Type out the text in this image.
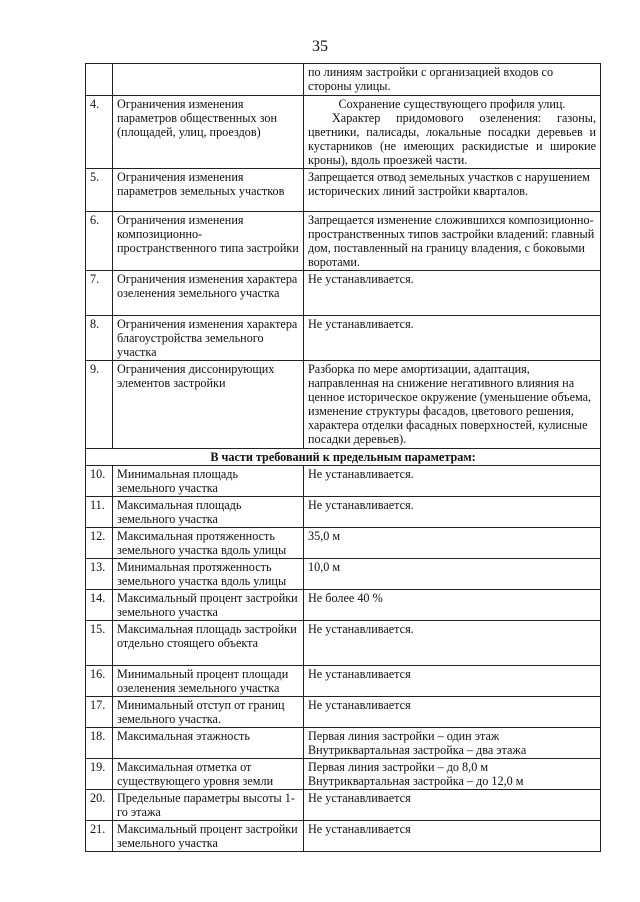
35
		по линиям застройки с организацией входов со стороны улицы.
4.	Ограничения изменения параметров общественных зон (площадей, улиц, проездов)	Сохранение существующего профиля улиц.
Характер придомового озеленения: газоны, цветники, палисады, локальные посадки деревьев и кустарников (не имеющих раскидистые и широкие кроны), вдоль проезжей части.

5.	Ограничения изменения параметров земельных участков	Запрещается отвод земельных участков с нарушением исторических линий застройки кварталов.
6.	Ограничения изменения композиционно-пространственного типа застройки	Запрещается изменение сложившихся композиционно-пространственных типов застройки владений: главный дом, поставленный на границу владения, с боковыми воротами.
7.	Ограничения изменения характера озеленения земельного участка	Не устанавливается.
8.	Ограничения изменения характера благоустройства земельного участка	Не устанавливается.
9.	Ограничения диссонирующих элементов застройки	Разборка по мере амортизации, адаптация, направленная на снижение негативного влияния на ценное историческое окружение (уменьшение объема, изменение структуры фасадов, цветового решения, характера отделки фасадных поверхностей, кулисные посадки деревьев).
В части требований к предельным параметрам:		
10.	Минимальная площадь земельного участка	Не устанавливается.
11.	Максимальная площадь земельного участка	Не устанавливается.
12.	Максимальная протяженность земельного участка вдоль улицы	35,0 м
13.	Минимальная протяженность земельного участка вдоль улицы	10,0 м
14.	Максимальный процент застройки земельного участка	Не более 40 %
15.	Максимальная площадь застройки отдельно стоящего объекта	Не устанавливается.
16.	Минимальный процент площади озеленения земельного участка	Не устанавливается
17.	Минимальный отступ от границ земельного участка.	Не устанавливается
18.	Максимальная этажность	Первая линия застройки – один этаж
Внутриквартальная застройка – два этажа

19.	Максимальная отметка от существующего уровня земли	Первая линия застройки – до 8,0 м
Внутриквартальная застройка – до 12,0 м

20.	Предельные параметры высоты 1-го этажа	Не устанавливается
21.	Максимальный процент застройки земельного участка	Не устанавливается
